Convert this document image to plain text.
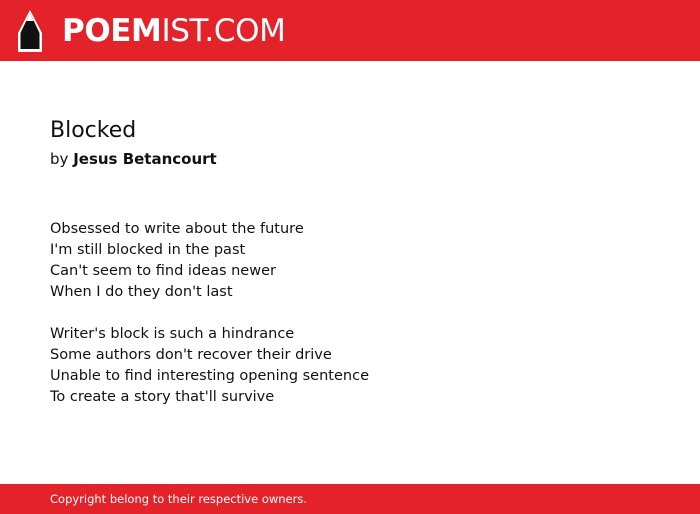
POEMIST.COM
Blocked
by Jesus Betancourt
Obsessed to write about the future
I'm still blocked in the past
Can't seem to find ideas newer
When I do they don't last
Writer's block is such a hindrance
Some authors don't recover their drive
Unable to find interesting opening sentence
To create a story that'll survive
Copyright belong to their respective owners.
